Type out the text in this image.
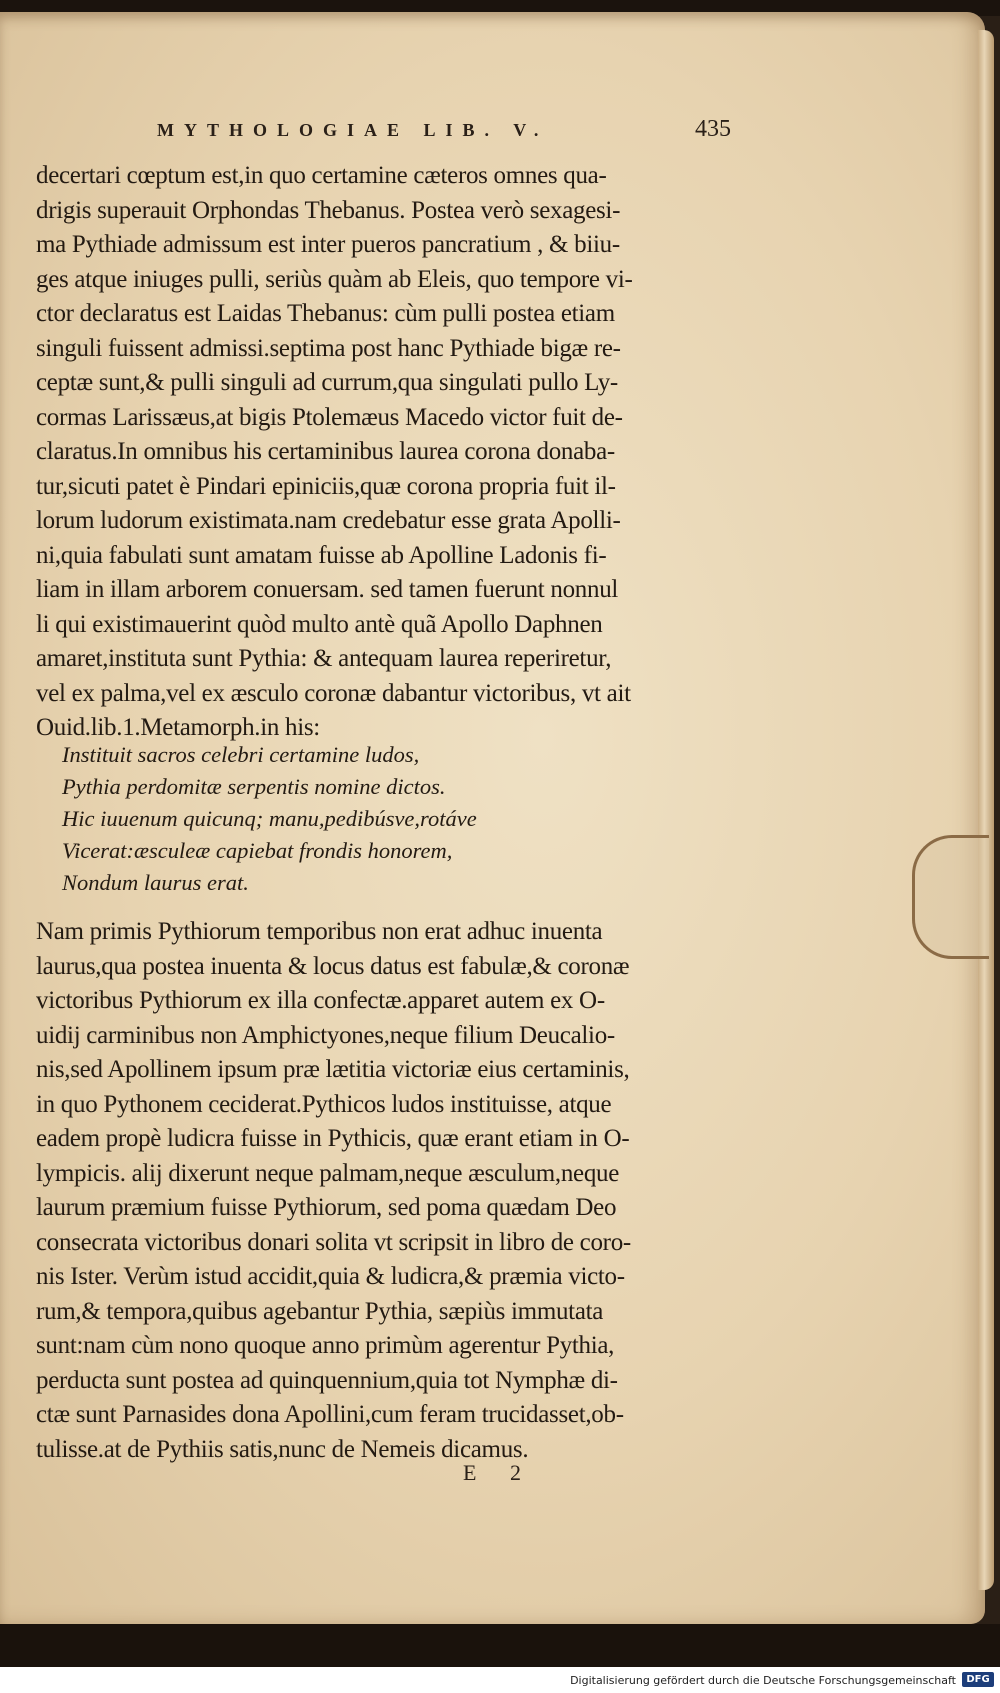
MYTHOLOGIAE LIB. V.	435
decertari cœptum est,in quo certamine cæteros omnes qua-
drigis superauit Orphondas Thebanus. Postea verò sexagesi-
ma Pythiade admissum est inter pueros pancratium , & biiu-
ges atque iniuges pulli, seriùs quàm ab Eleis, quo tempore vi-
ctor declaratus est Laidas Thebanus: cùm pulli postea etiam
singuli fuissent admissi.septima post hanc Pythiade bigæ re-
ceptæ sunt,& pulli singuli ad currum,qua singulati pullo Ly-
cormas Larissæus,at bigis Ptolemæus Macedo victor fuit de-
claratus.In omnibus his certaminibus laurea corona donaba-
tur,sicuti patet è Pindari epiniciis,quæ corona propria fuit il-
lorum ludorum existimata.nam credebatur esse grata Apolli-
ni,quia fabulati sunt amatam fuisse ab Apolline Ladonis fi-
liam in illam arborem conuersam. sed tamen fuerunt nonnul
li qui existimauerint quòd multo antè quã Apollo Daphnen
amaret,instituta sunt Pythia: & antequam laurea reperiretur,
vel ex palma,vel ex æsculo coronæ dabantur victoribus, vt ait
Ouid.lib.1.Metamorph.in his:
Instituit sacros celebri certamine ludos,
Pythia perdomitæ serpentis nomine dictos.
Hic iuuenum quicunq; manu,pedibúsve,rotáve
Vicerat:æsculeæ capiebat frondis honorem,
Nondum laurus erat.
Nam primis Pythiorum temporibus non erat adhuc inuenta
laurus,qua postea inuenta & locus datus est fabulæ,& coronæ
victoribus Pythiorum ex illa confectæ.apparet autem ex O-
uidij carminibus non Amphictyones,neque filium Deucalio-
nis,sed Apollinem ipsum præ lætitia victoriæ eius certaminis,
in quo Pythonem ceciderat.Pythicos ludos instituisse, atque
eadem propè ludicra fuisse in Pythicis, quæ erant etiam in O-
lympicis. alij dixerunt neque palmam,neque æsculum,neque
laurum præmium fuisse Pythiorum, sed poma quædam Deo
consecrata victoribus donari solita vt scripsit in libro de coro-
nis Ister. Verùm istud accidit,quia & ludicra,& præmia victo-
rum,& tempora,quibus agebantur Pythia, sæpiùs immutata
sunt:nam cùm nono quoque anno primùm agerentur Pythia,
perducta sunt postea ad quinquennium,quia tot Nymphæ di-
ctæ sunt Parnasides dona Apollini,cum feram trucidasset,ob-
tulisse.at de Pythiis satis,nunc de Nemeis dicamus.
E 2
Digitalisierung gefördert durch die Deutsche Forschungsgemeinschaft	DFG
